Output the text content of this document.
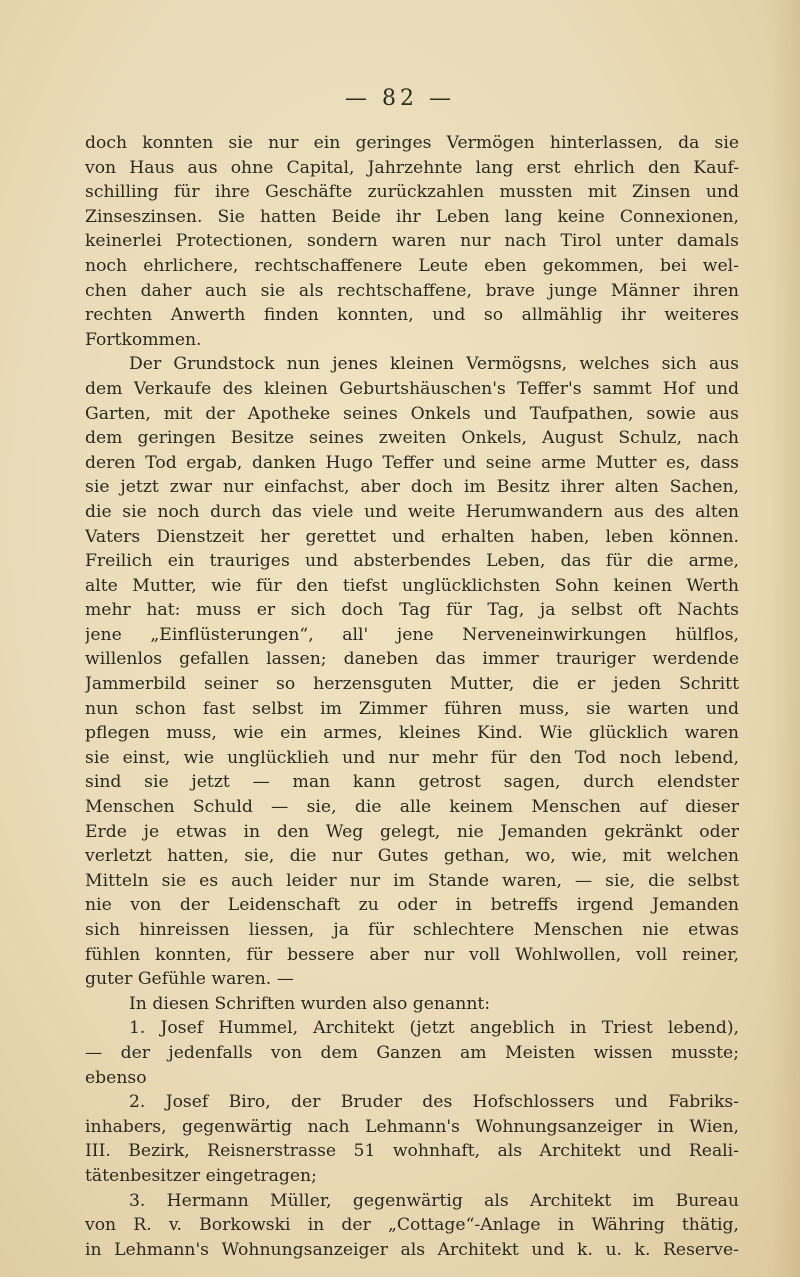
— 82 —
doch konnten sie nur ein geringes Vermögen hinterlassen, da sie
von Haus aus ohne Capital, Jahrzehnte lang erst ehrlich den Kauf-
schilling für ihre Geschäfte zurückzahlen mussten mit Zinsen und
Zinseszinsen. Sie hatten Beide ihr Leben lang keine Connexionen,
keinerlei Protectionen, sondern waren nur nach Tirol unter damals
noch ehrlichere, rechtschaffenere Leute eben gekommen, bei wel-
chen daher auch sie als rechtschaffene, brave junge Männer ihren
rechten Anwerth finden konnten, und so allmählig ihr weiteres
Fortkommen.
Der Grundstock nun jenes kleinen Vermögsns, welches sich aus
dem Verkaufe des kleinen Geburtshäuschen's Teffer's sammt Hof und
Garten, mit der Apotheke seines Onkels und Taufpathen, sowie aus
dem geringen Besitze seines zweiten Onkels, August Schulz, nach
deren Tod ergab, danken Hugo Teffer und seine arme Mutter es, dass
sie jetzt zwar nur einfachst, aber doch im Besitz ihrer alten Sachen,
die sie noch durch das viele und weite Herumwandern aus des alten
Vaters Dienstzeit her gerettet und erhalten haben, leben können.
Freilich ein trauriges und absterbendes Leben, das für die arme,
alte Mutter, wie für den tiefst unglücklichsten Sohn keinen Werth
mehr hat: muss er sich doch Tag für Tag, ja selbst oft Nachts
jene „Einflüsterungen“, all' jene Nerveneinwirkungen hülflos,
willenlos gefallen lassen; daneben das immer trauriger werdende
Jammerbild seiner so herzensguten Mutter, die er jeden Schritt
nun schon fast selbst im Zimmer führen muss, sie warten und
pflegen muss, wie ein armes, kleines Kind. Wie glücklich waren
sie einst, wie unglücklieh und nur mehr für den Tod noch lebend,
sind sie jetzt — man kann getrost sagen, durch elendster
Menschen Schuld — sie, die alle keinem Menschen auf dieser
Erde je etwas in den Weg gelegt, nie Jemanden gekränkt oder
verletzt hatten, sie, die nur Gutes gethan, wo, wie, mit welchen
Mitteln sie es auch leider nur im Stande waren, — sie, die selbst
nie von der Leidenschaft zu oder in betreffs irgend Jemanden
sich hinreissen liessen, ja für schlechtere Menschen nie etwas
fühlen konnten, für bessere aber nur voll Wohlwollen, voll reiner,
guter Gefühle waren. —
In diesen Schriften wurden also genannt:
1. Josef Hummel, Architekt (jetzt angeblich in Triest lebend),
— der jedenfalls von dem Ganzen am Meisten wissen musste;
ebenso
2. Josef Biro, der Bruder des Hofschlossers und Fabriks-
inhabers, gegenwärtig nach Lehmann's Wohnungsanzeiger in Wien,
III. Bezirk, Reisnerstrasse 51 wohnhaft, als Architekt und Reali-
tätenbesitzer eingetragen;
3. Hermann Müller, gegenwärtig als Architekt im Bureau
von R. v. Borkowski in der „Cottage“-Anlage in Währing thätig,
in Lehmann's Wohnungsanzeiger als Architekt und k. u. k. Reserve-
